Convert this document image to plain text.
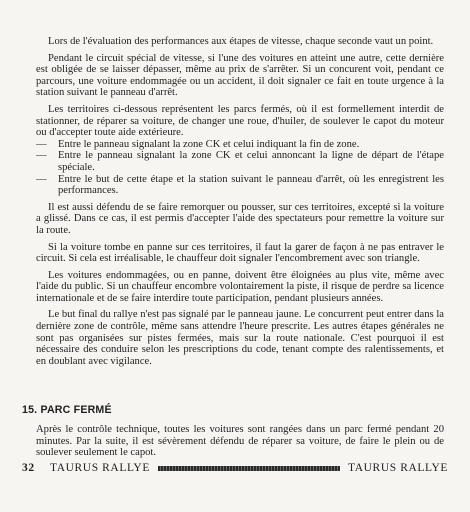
Lors de l'évaluation des performances aux étapes de vitesse, chaque seconde vaut un point.

Pendant le circuit spécial de vitesse, si l'une des voitures en atteint une autre, cette dernière est obligée de se laisser dépasser, même au prix de s'arrêter. Si un concurent voit, pendant ce parcours, une voiture endommagée ou un accident, il doit signaler ce fait en toute urgence à la station suivant le panneau d'arrêt.

Les territoires ci-dessous représentent les parcs fermés, où il est formellement interdit de stationner, de réparer sa voiture, de changer une roue, d'huiler, de soulever le capot du moteur ou d'accepter toute aide extérieure.

—	Entre le panneau signalant la zone CK et celui indiquant la fin de zone.
—	Entre le panneau signalant la zone CK et celui annoncant la ligne de départ de l'étape spéciale.
—	Entre le but de cette étape et la station suivant le panneau d'arrêt, où les enregistrent les performances.

Il est aussi défendu de se faire remorquer ou pousser, sur ces territoires, excepté si la voiture a glissé. Dans ce cas, il est permis d'accepter l'aide des spectateurs pour remettre la voiture sur la route.

Si la voiture tombe en panne sur ces territoires, il faut la garer de façon à ne pas entraver le circuit. Si cela est irréalisable, le chauffeur doit signaler l'encombrement avec son triangle.

Les voitures endommagées, ou en panne, doivent être éloignées au plus vite, même avec l'aide du public. Si un chauffeur encombre volontairement la piste, il risque de perdre sa licence internationale et de se faire interdire toute participation, pendant plusieurs années.

Le but final du rallye n'est pas signalé par le panneau jaune. Le concurrent peut entrer dans la dernière zone de contrôle, même sans attendre l'heure prescrite. Les autres étapes générales ne sont pas organisées sur pistes fermées, mais sur la route nationale. C'est pourquoi il est nécessaire des conduire selon les prescriptions du code, tenant compte des ralentissements, et en doublant avec vigilance.

15. PARC FERMÉ

Après le contrôle technique, toutes les voitures sont rangées dans un parc fermé pendant 20 minutes. Par la suite, il est sévèrement défendu de réparer sa voiture, de faire le plein ou de soulever seulement le capot.

32	TAURUS RALLYE	TAURUS RALLYE
